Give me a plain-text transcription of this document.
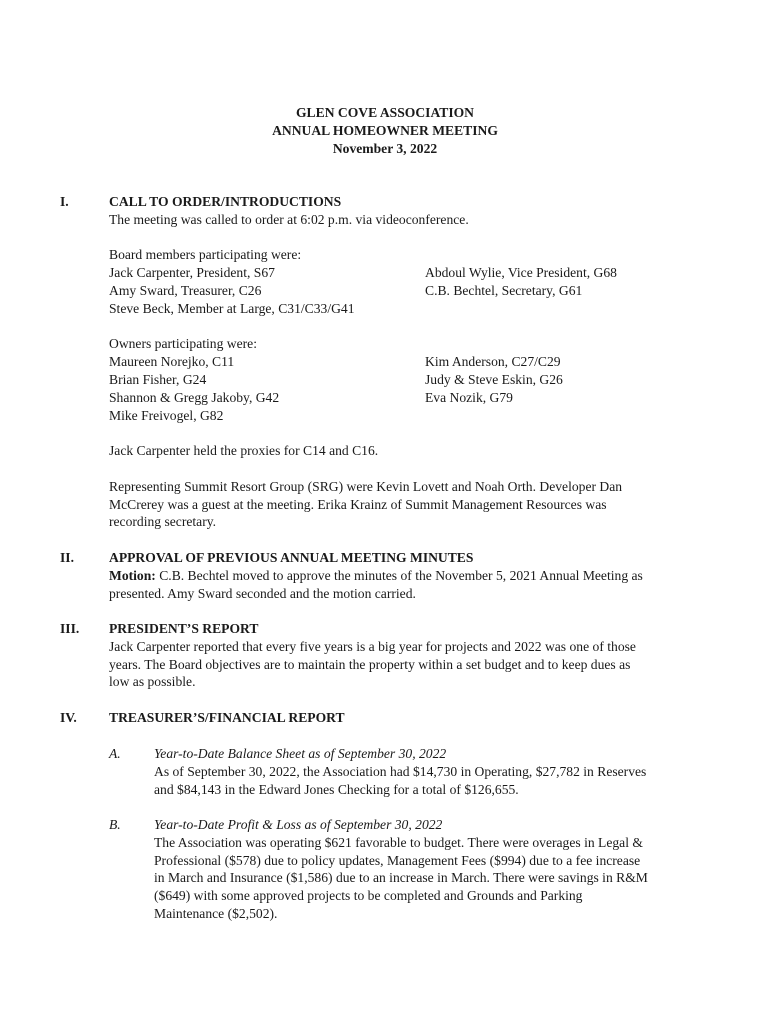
GLEN COVE ASSOCIATION
ANNUAL HOMEOWNER MEETING
November 3, 2022
I.	CALL TO ORDER/INTRODUCTIONS
The meeting was called to order at 6:02 p.m. via videoconference.
Board members participating were:
Jack Carpenter, President, S67	Abdoul Wylie, Vice President, G68
Amy Sward, Treasurer, C26	C.B. Bechtel, Secretary, G61
Steve Beck, Member at Large, C31/C33/G41
Owners participating were:
Maureen Norejko, C11	Kim Anderson, C27/C29
Brian Fisher, G24	Judy & Steve Eskin, G26
Shannon & Gregg Jakoby, G42	Eva Nozik, G79
Mike Freivogel, G82
Jack Carpenter held the proxies for C14 and C16.
Representing Summit Resort Group (SRG) were Kevin Lovett and Noah Orth. Developer Dan
McCrerey was a guest at the meeting. Erika Krainz of Summit Management Resources was
recording secretary.
II.	APPROVAL OF PREVIOUS ANNUAL MEETING MINUTES
Motion: C.B. Bechtel moved to approve the minutes of the November 5, 2021 Annual Meeting as
presented. Amy Sward seconded and the motion carried.
III. PRESIDENT’S REPORT
Jack Carpenter reported that every five years is a big year for projects and 2022 was one of those
years. The Board objectives are to maintain the property within a set budget and to keep dues as
low as possible.
IV. TREASURER’S/FINANCIAL REPORT
A. Year-to-Date Balance Sheet as of September 30, 2022
As of September 30, 2022, the Association had $14,730 in Operating, $27,782 in Reserves
and $84,143 in the Edward Jones Checking for a total of $126,655.
B. Year-to-Date Profit & Loss as of September 30, 2022
The Association was operating $621 favorable to budget. There were overages in Legal &
Professional ($578) due to policy updates, Management Fees ($994) due to a fee increase
in March and Insurance ($1,586) due to an increase in March. There were savings in R&M
($649) with some approved projects to be completed and Grounds and Parking
Maintenance ($2,502).
